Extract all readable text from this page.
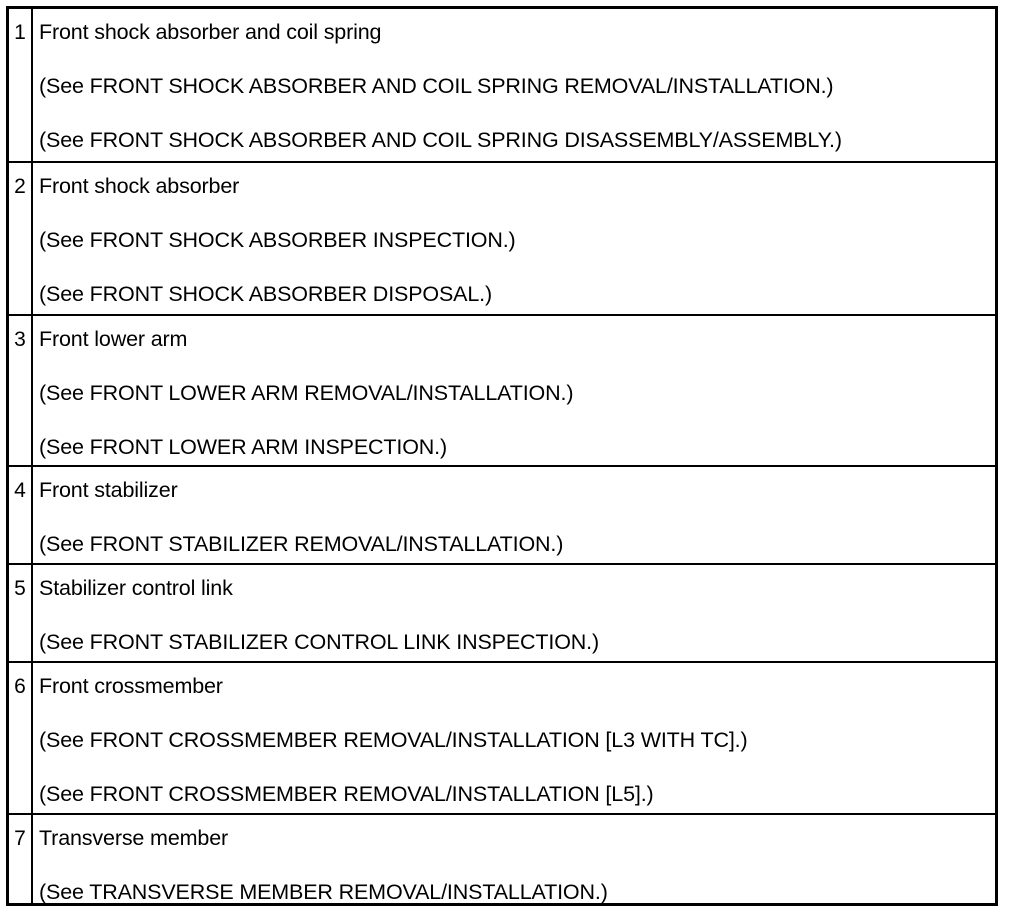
1 Front shock absorber and coil spring
(See FRONT SHOCK ABSORBER AND COIL SPRING REMOVAL/INSTALLATION.)
(See FRONT SHOCK ABSORBER AND COIL SPRING DISASSEMBLY/ASSEMBLY.)
2 Front shock absorber
(See FRONT SHOCK ABSORBER INSPECTION.)
(See FRONT SHOCK ABSORBER DISPOSAL.)
3 Front lower arm
(See FRONT LOWER ARM REMOVAL/INSTALLATION.)
(See FRONT LOWER ARM INSPECTION.)
4 Front stabilizer
(See FRONT STABILIZER REMOVAL/INSTALLATION.)
5 Stabilizer control link
(See FRONT STABILIZER CONTROL LINK INSPECTION.)
6 Front crossmember
(See FRONT CROSSMEMBER REMOVAL/INSTALLATION [L3 WITH TC].)
(See FRONT CROSSMEMBER REMOVAL/INSTALLATION [L5].)
7 Transverse member
(See TRANSVERSE MEMBER REMOVAL/INSTALLATION.)
